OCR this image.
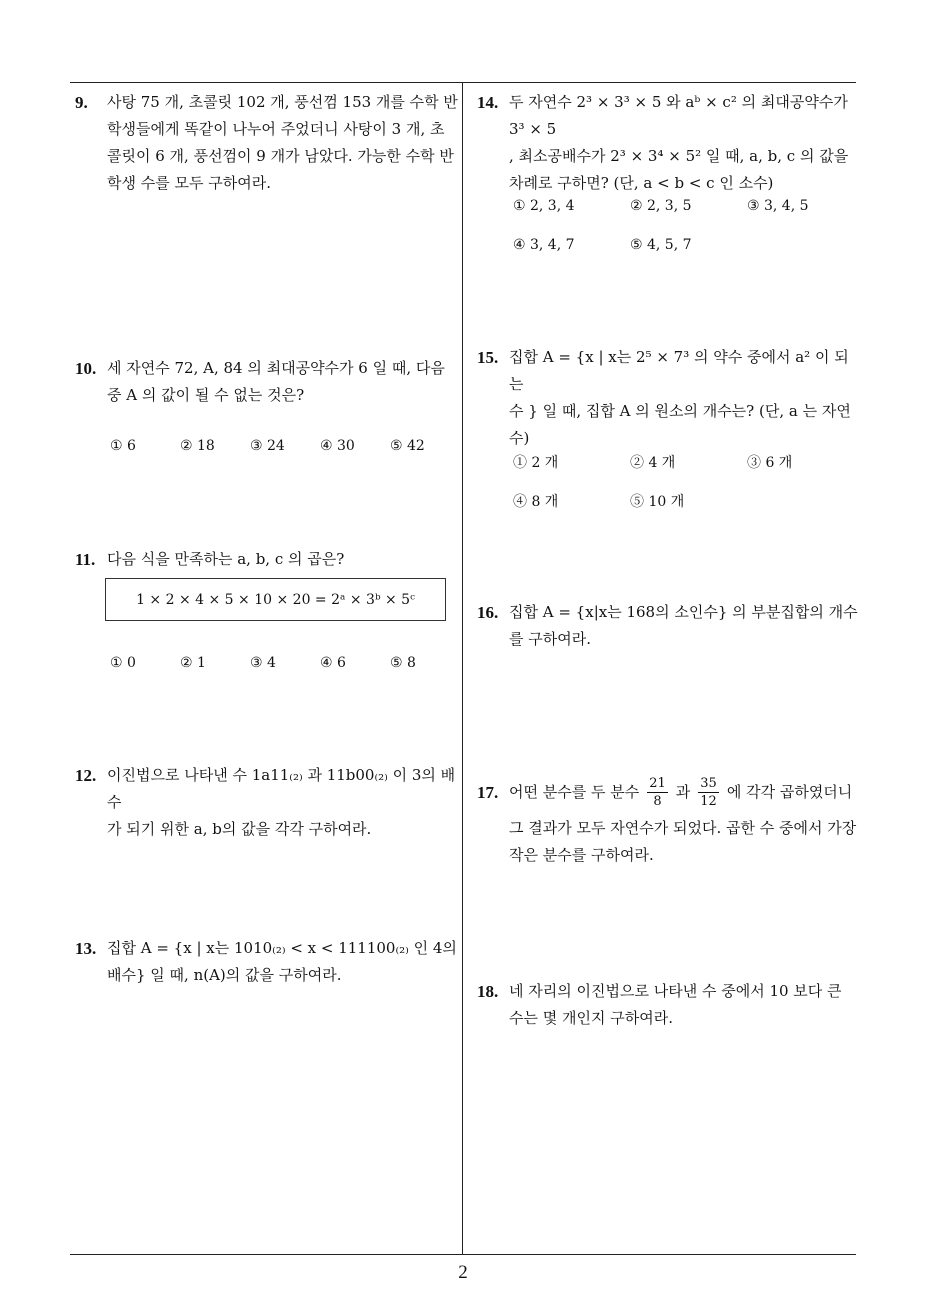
9. 사탕 75 개, 초콜릿 102 개, 풍선껌 153 개를 수학 반

학생들에게 똑같이 나누어 주었더니 사탕이 3 개, 초

콜릿이 6 개, 풍선껌이 9 개가 남았다. 가능한 수학 반

학생 수를 모두 구하여라.

10. 세 자연수 72, A, 84 의 최대공약수가 6 일 때, 다음

중 A 의 값이 될 수 없는 것은?

① 6	② 18	③ 24	④ 30	⑤ 42
11. 다음 식을 만족하는 a, b, c 의 곱은?

1 × 2 × 4 × 5 × 10 × 20 = 2ᵃ × 3ᵇ × 5ᶜ
① 0	② 1	③ 4	④ 6	⑤ 8
12. 이진법으로 나타낸 수 1a11₍₂₎ 과 11b00₍₂₎ 이 3의 배수

가 되기 위한 a, b의 값을 각각 구하여라.

13. 집합 A = {x | x는 1010₍₂₎ < x < 111100₍₂₎ 인 4의

배수} 일 때, n(A)의 값을 구하여라.

14. 두 자연수 2³ × 3³ × 5 와 aᵇ × c² 의 최대공약수가 3³ × 5

, 최소공배수가 2³ × 3⁴ × 5² 일 때, a, b, c 의 값을

차례로 구하면? (단, a < b < c 인 소수)

① 2, 3, 4	② 2, 3, 5	③ 3, 4, 5
④ 3, 4, 7	⑤ 4, 5, 7
15. 집합 A = {x | x는 2⁵ × 7³ 의 약수 중에서 a² 이 되는

수 } 일 때, 집합 A 의 원소의 개수는? (단, a 는 자연

수)

① 2 개	② 4 개	③ 6 개
④ 8 개	⑤ 10 개
16. 집합 A = {x|x는 168의 소인수} 의 부분집합의 개수

를 구하여라.

17. 어떤 분수를 두 분수 $\frac{21}{8}$ 과 $\frac{35}{12}$ 에 각각 곱하였더니

그 결과가 모두 자연수가 되었다. 곱한 수 중에서 가장

작은 분수를 구하여라.

18. 네 자리의 이진법으로 나타낸 수 중에서 10 보다 큰

수는 몇 개인지 구하여라.

2
